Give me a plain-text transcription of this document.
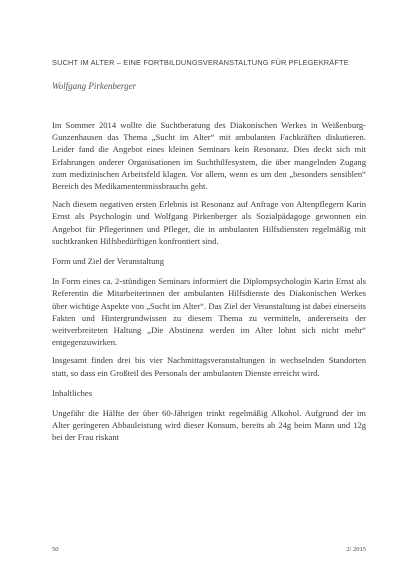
SUCHT IM ALTER – EINE FORTBILDUNGSVERANSTALTUNG FÜR PFLEGEKRÄFTE
Wolfgang Pirkenberger

Im Sommer 2014 wollte die Suchtberatung des Diakonischen Werkes in Weißenburg-Gunzenhausen das Thema „Sucht im Alter“ mit ambulanten Fachkräften diskutieren. Leider fand die Angebot eines kleinen Seminars kein Resonanz. Dies deckt sich mit Erfahrungen anderer Organisationen im Suchthilfesystem, die über mangelnden Zugang zum medizinischen Arbeitsfeld klagen. Vor allem, wenn es um den „besonders sensiblen“ Bereich des Medikamentenmissbrauchs geht.

Nach diesem negativen ersten Erlebnis ist Resonanz auf Anfrage von Altenpflegern Karin Ernst als Psychologin und Wolfgang Pirkenberger als Sozialpädagoge gewonnen ein Angebot für Pflegerinnen und Pfleger, die in ambulanten Hilfsdiensten regelmäßig mit suchtkranken Hilfsbedürftigen konfrontiert sind.

Form und Ziel der Veranstaltung

In Form eines ca. 2-stündigen Seminars informiert die Diplompsychologin Karin Ernst als Referentin die Mitarbeiterinnen der ambulanten Hilfsdienste des Diakonischen Werkes über wichtige Aspekte von „Sucht im Alter“. Das Ziel der Veranstaltung ist dabei einerseits Fakten und Hintergrundwissen zu diesem Thema zu vermitteln, andererseits der weitverbreiteten Haltung „Die Abstinenz werden im Alter lohnt sich nicht mehr“ entgegenzuwirken.

Insgesamt finden drei bis vier Nachmittagsveranstaltungen in wechselnden Standorten statt, so dass ein Großteil des Personals der ambulanten Dienste erreicht wird.

Inhaltliches

Ungefähr die Hälfte der über 60-Jährigen trinkt regelmäßig Alkohol. Aufgrund der im Alter geringeren Abbauleistung wird dieser Konsum, bereits ab 24g beim Mann und 12g bei der Frau riskant

50	2/ 2015
